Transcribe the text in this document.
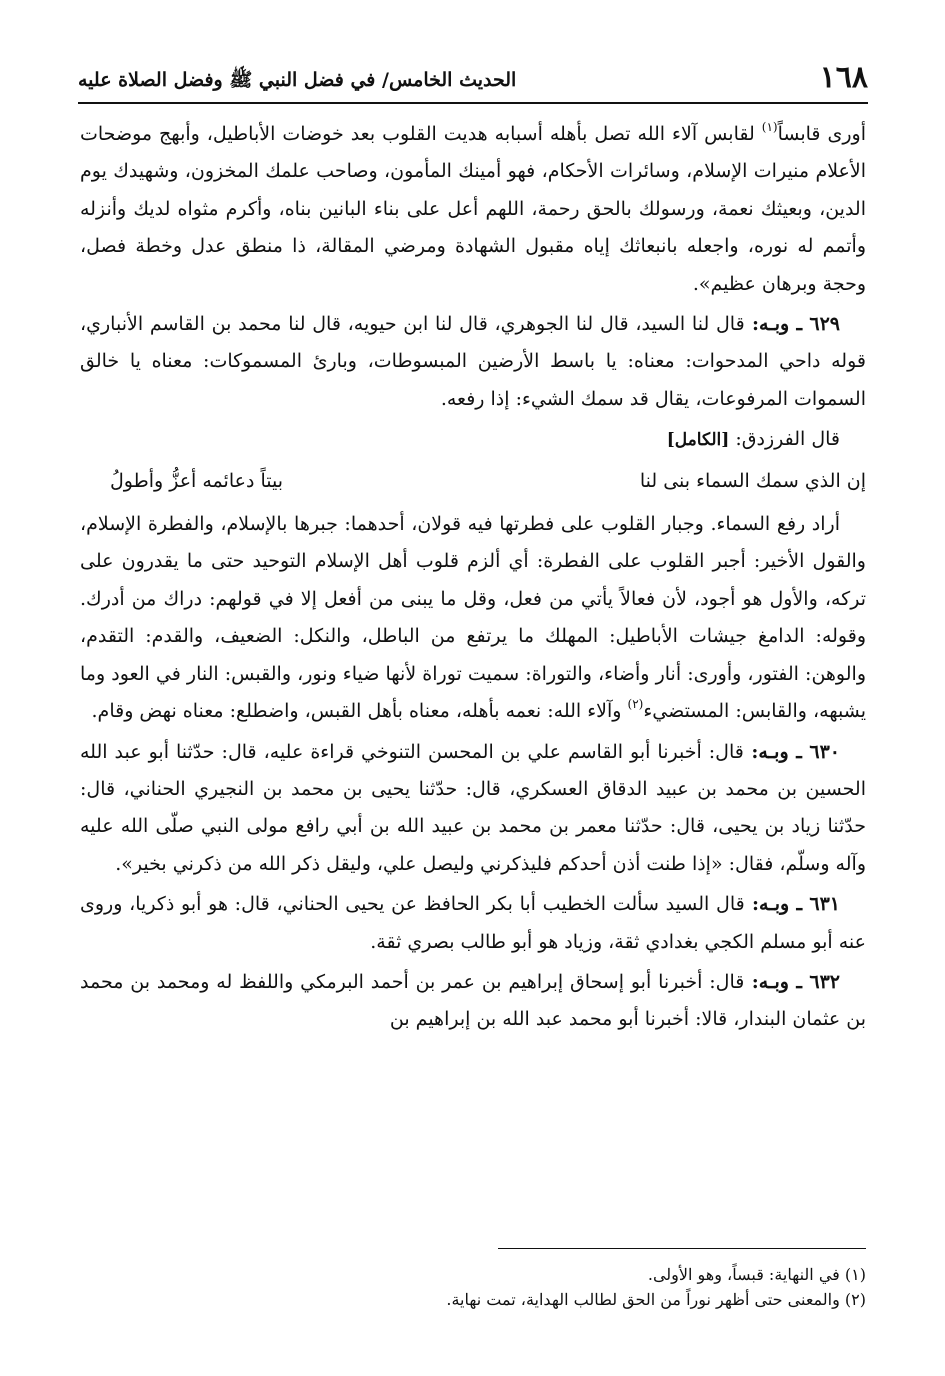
١٦٨
الحديث الخامس/ في فضل النبي ﷺ وفضل الصلاة عليه

أورى قابساً$^{(١)}$ لقابس آلاء الله تصل بأهله أسبابه هديت القلوب بعد خوضات الأباطيل، وأبهج موضحات الأعلام منيرات الإسلام، وسائرات الأحكام، فهو أمينك المأمون، وصاحب علمك المخزون، وشهيدك يوم الدين، وبعيثك نعمة، ورسولك بالحق رحمة، اللهم أعل على بناء البانين بناه، وأكرم مثواه لديك وأنزله وأتمم له نوره، واجعله بانبعاثك إياه مقبول الشهادة ومرضي المقالة، ذا منطق عدل وخطة فصل، وحجة وبرهان عظيم».

٦٢٩ ـ وبـه: قال لنا السيد، قال لنا الجوهري، قال لنا ابن حيويه، قال لنا محمد بن القاسم الأنباري، قوله داحي المدحوات: معناه: يا باسط الأرضين المبسوطات، وبارئ المسموكات: معناه يا خالق السموات المرفوعات، يقال قد سمك الشيء: إذا رفعه.

قال الفرزدق: [الكامل]

إن الذي سمك السماء بنى لنا
بيتاً دعائمه أعزُّ وأطولُ

أراد رفع السماء. وجبار القلوب على فطرتها فيه قولان، أحدهما: جبرها بالإسلام، والفطرة الإسلام، والقول الأخير: أجبر القلوب على الفطرة: أي ألزم قلوب أهل الإسلام التوحيد حتى ما يقدرون على تركه، والأول هو أجود، لأن فعالاً يأتي من فعل، وقل ما يبنى من أفعل إلا في قولهم: دراك من أدرك. وقوله: الدامغ جيشات الأباطيل: المهلك ما يرتفع من الباطل، والنكل: الضعيف، والقدم: التقدم، والوهن: الفتور، وأورى: أنار وأضاء، والتوراة: سميت توراة لأنها ضياء ونور، والقبس: النار في العود وما يشبهه، والقابس: المستضيء$^{(٢)}$ وآلاء الله: نعمه بأهله، معناه بأهل القبس، واضطلع: معناه نهض وقام.

٦٣٠ ـ وبـه: قال: أخبرنا أبو القاسم علي بن المحسن التنوخي قراءة عليه، قال: حدّثنا أبو عبد الله الحسين بن محمد بن عبيد الدقاق العسكري، قال: حدّثنا يحيى بن محمد بن النجيري الحناني، قال: حدّثنا زياد بن يحيى، قال: حدّثنا معمر بن محمد بن عبيد الله بن أبي رافع مولى النبي صلّى الله عليه وآله وسلّم، فقال: «إذا طنت أذن أحدكم فليذكرني وليصل علي، وليقل ذكر الله من ذكرني بخير».

٦٣١ ـ وبـه: قال السيد سألت الخطيب أبا بكر الحافظ عن يحيى الحناني، قال: هو أبو ذكريا، وروى عنه أبو مسلم الكجي بغدادي ثقة، وزياد هو أبو طالب بصري ثقة.

٦٣٢ ـ وبـه: قال: أخبرنا أبو إسحاق إبراهيم بن عمر بن أحمد البرمكي واللفظ له ومحمد بن محمد بن عثمان البندار، قالا: أخبرنا أبو محمد عبد الله بن إبراهيم بن

(١) في النهاية: قبساً، وهو الأولى.

(٢) والمعنى حتى أظهر نوراً من الحق لطالب الهداية، تمت نهاية.
